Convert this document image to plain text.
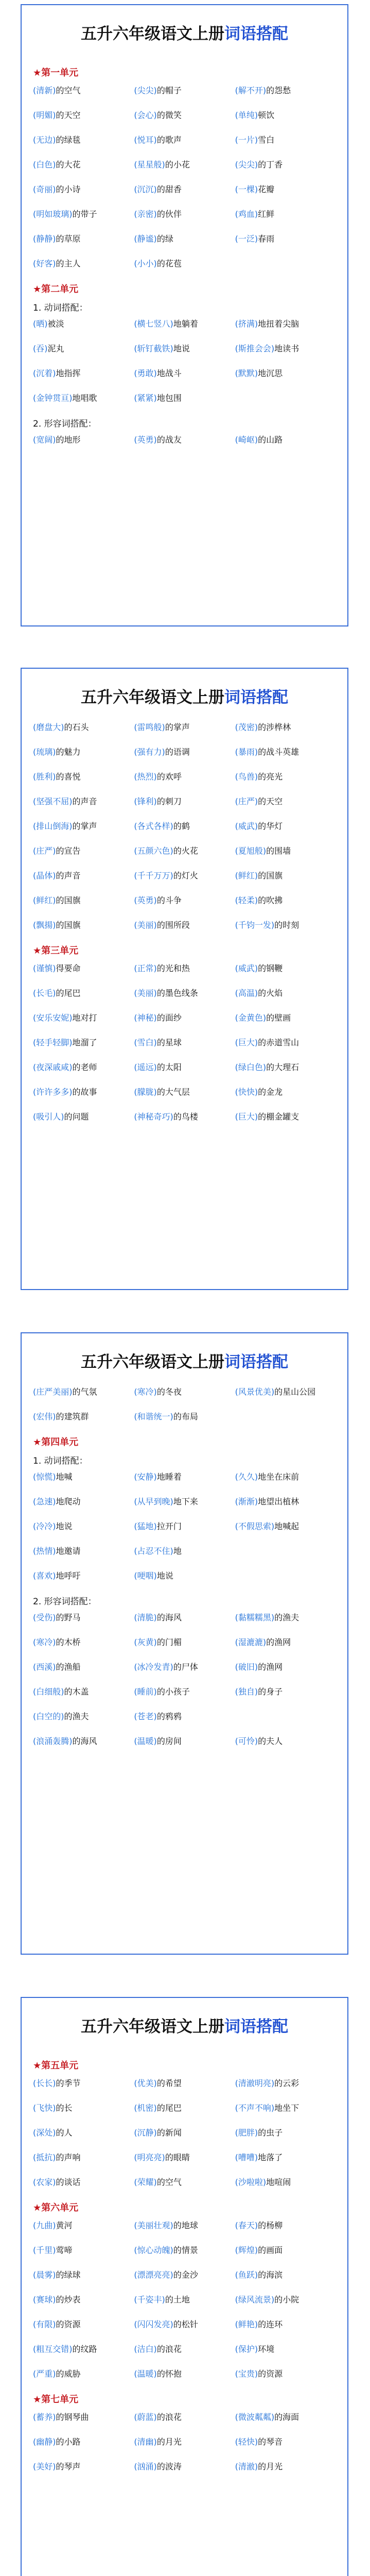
五升六年级语文上册词语搭配
★第一单元
(清新)的空气	(尖尖)的帽子	(解不开)的怨愁
(明媚)的天空	(会心)的微笑	(单纯)顿饮
(无边)的绿毯	(悦耳)的歌声	(一片)雪白
(白色)的大花	(星星般)的小花	(尖尖)的丁香
(奇丽)的小诗	(沉沉)的甜香	(一棵)花瓣
(明如玻璃)的带子	(亲密)的伙伴	(鸡血)红鲜
(静静)的草原	(静谧)的绿	(一泛)春雨
(好客)的主人	(小小)的花苞
★第二单元
1. 动词搭配：
(晒)被淡	(横七竖八)地躺着	(挤满)地扭着尖脑
(吞)泥丸	(斩钉截铁)地说	(斯推会会)地读书
(沉着)地指挥	(勇敢)地战斗	(默默)地沉思
(金钟贯亘)地唱歌	(紧紧)地包围
2. 形容词搭配：
(宽阔)的地形	(英勇)的战友	(崎岖)的山路
五升六年级语文上册词语搭配
(磨盘大)的石头	(雷鸣般)的掌声	(茂密)的涉桦林
(琉璃)的魅力	(强有力)的语调	(暴雨)的战斗英雄
(胜利)的喜悦	(热烈)的欢呼	(鸟兽)的亮光
(坚强不屈)的声音	(锋利)的刺刀	(庄严)的天空
(排山倒海)的掌声	(各式各样)的鹤	(威武)的华灯
(庄严)的宣告	(五颜六色)的火花	(夏旭般)的围墙
(晶体)的声音	(千千万万)的灯火	(鲜红)的国旗
(鲜红)的国旗	(英勇)的斗争	(轻柔)的吹拂
(飘揚)的国旗	(美丽)的围所段	(千钧一发)的时刻
★第三单元
(谨慎)得要命	(正常)的光和热	(威武)的钢鞭
(长毛)的尾巴	(美丽)的墨色线条	(高温)的火焰
(安乐安妮)地对打	(神秘)的面纱	(金黄色)的壁画
(轻手轻脚)地溜了	(雪白)的星球	(巨大)的赤道雪山
(夜深戚咸)的老师	(遥远)的太阳	(绿白色)的大理石
(许许多多)的故事	(朦胧)的大气层	(快快)的金龙
(吸引人)的问题	(神秘奇巧)的鸟楼	(巨大)的棚金罐支
五升六年级语文上册词语搭配
(庄严美丽)的气氛	(寒冷)的冬夜	(风景优美)的星山公园
(宏伟)的建筑群	(和谐统一)的布局
★第四单元
1. 动词搭配：
(惊慌)地喊	(安静)地睡着	(久久)地坐在床前
(急速)地爬动	(从早到晚)地下来	(渐渐)地望出植林
(冷冷)地说	(猛地)拉开门	(不假思索)地喊起
(热情)地邀请	(占忍不住)地
(喜欢)地呼吁	(哽咽)地说
2. 形容词搭配：
(受伤)的野马	(清脆)的海风	(黏糯糯黑)的渔夫
(寒冷)的木桥	(灰黄)的门楣	(湿漉漉)的渔网
(西溪)的渔船	(冰冷发青)的尸体	(破旧)的渔网
(白细般)的木盖	(睡前)的小孩子	(独自)的身子
(白空的)的渔夫	(苍老)的鸦鸦
(浪涌轰腾)的海风	(温暖)的房间	(可怜)的夫人
五升六年级语文上册词语搭配
★第五单元
(长长)的季节	(优美)的希望	(清澈明亮)的云彩
(飞快)的长	(机密)的尾巴	(不声不响)地坐下
(深处)的人	(沉静)的新闻	(肥胖)的虫子
(抵抗)的声响	(明亮亮)的眼睛	(嘈嘈)地落了
(农家)的谈话	(荣耀)的空气	(沙啦啦)地喧闹
★第六单元
(九曲)黄河	(美丽壮观)的地球	(春天)的杨柳
(千里)莺啼	(惊心动魄)的情景	(辉煌)的画面
(晨雾)的绿球	(漂漂亮亮)的金沙	(鱼跃)的海滨
(赛球)的炒表	(千姿丰)的土地	(绿风流景)的小院
(有限)的资源	(闪闪发亮)的松针	(鲜艳)的连环
(粗互交错)的纹路	(洁白)的浪花	(保护)环境
(严重)的威胁	(温暖)的怀抱	(宝贵)的资源
★第七单元
(蓄养)的钢琴曲	(蔚蓝)的浪花	(微波粼粼)的海面
(幽静)的小路	(清幽)的月光	(轻快)的琴音
(美好)的琴声	(汹涌)的波涛	(清澈)的月光
